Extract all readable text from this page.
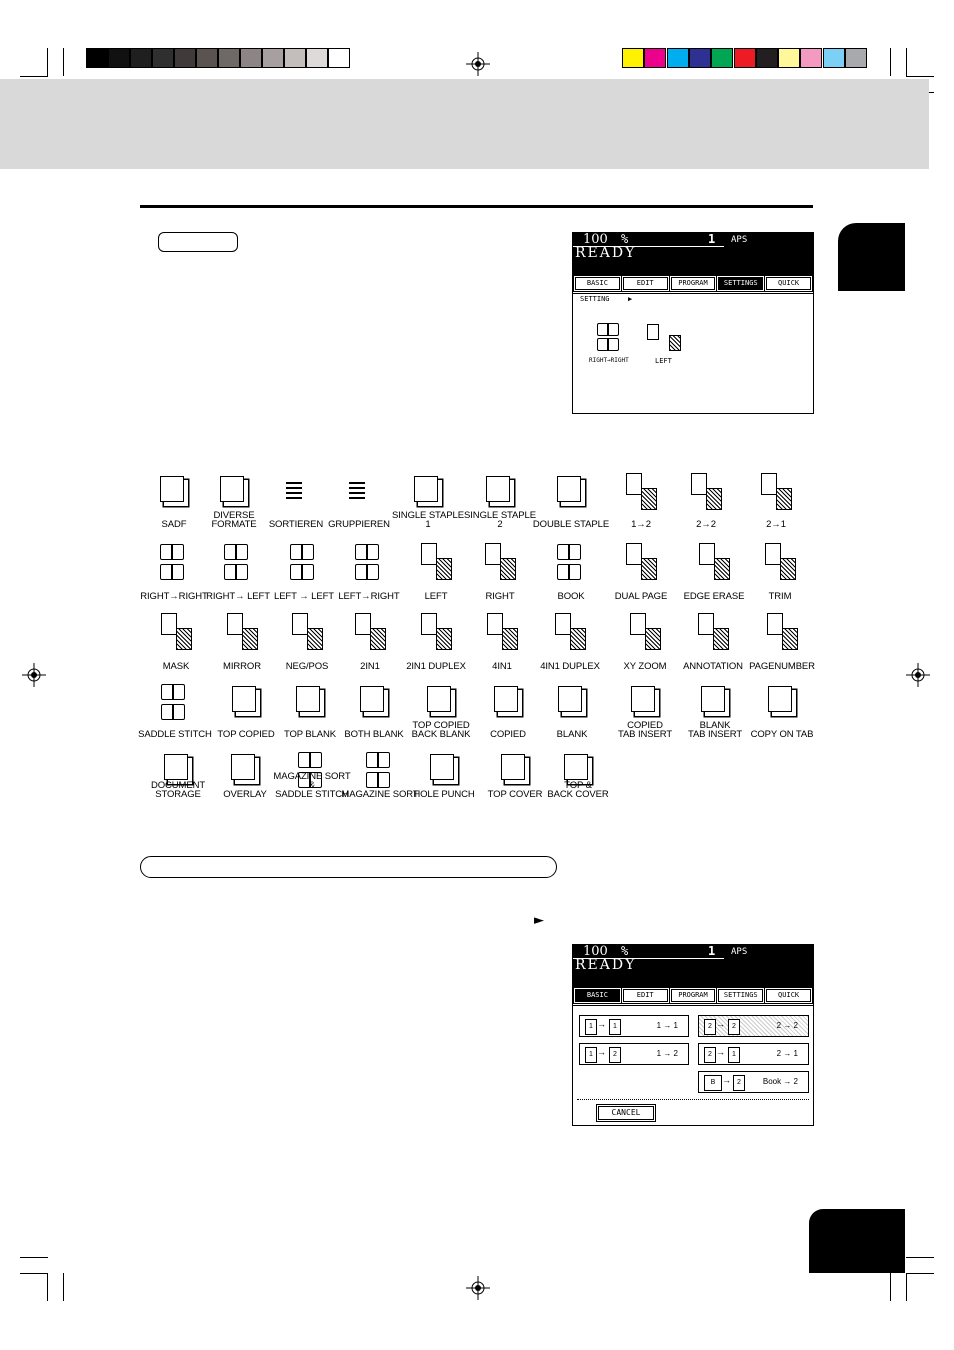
►
100 %	1 APS
READY
BASIC	EDIT	PROGRAM	SETTINGS	QUICK
SETTING	▶
RIGHT→RIGHT	LEFT
SADF
DIVERSE
FORMATE	SORTIEREN GRUPPIEREN
SINGLE STAPLE
1
SINGLE STAPLE
2	DOUBLE STAPLE	1→2	2→2	2→1
RIGHT→RIGHT
RIGHT→ LEFT LEFT → LEFT LEFT→RIGHT	LEFT	RIGHT	BOOK	DUAL PAGE	EDGE ERASE	TRIM
MASK	MIRROR	NEG/POS	2IN1	2IN1 DUPLEX	4IN1	4IN1 DUPLEX	XY ZOOM	ANNOTATION PAGENUMBER
SADDLE STITCH TOP COPIED TOP BLANK BOTH BLANK
TOP COPIED
BACK BLANK	COPIED	BLANK
COPIED
TAB INSERT
BLANK
TAB INSERT COPY ON TAB
DOCUMENT
STORAGE	OVERLAY
MAGAZINE SORT
&
SADDLE STITCH
MAGAZINE SORT
HOLE PUNCH	TOP COVER
TOP &
BACK COVER
100 %	1 APS
READY
BASIC	EDIT	PROGRAM	SETTINGS	QUICK
1 →	1	1 → 1	2 →	2	2 → 2
1 →	2	1 → 2	2 →	1	2 → 1
B → 2	Book → 2
CANCEL
